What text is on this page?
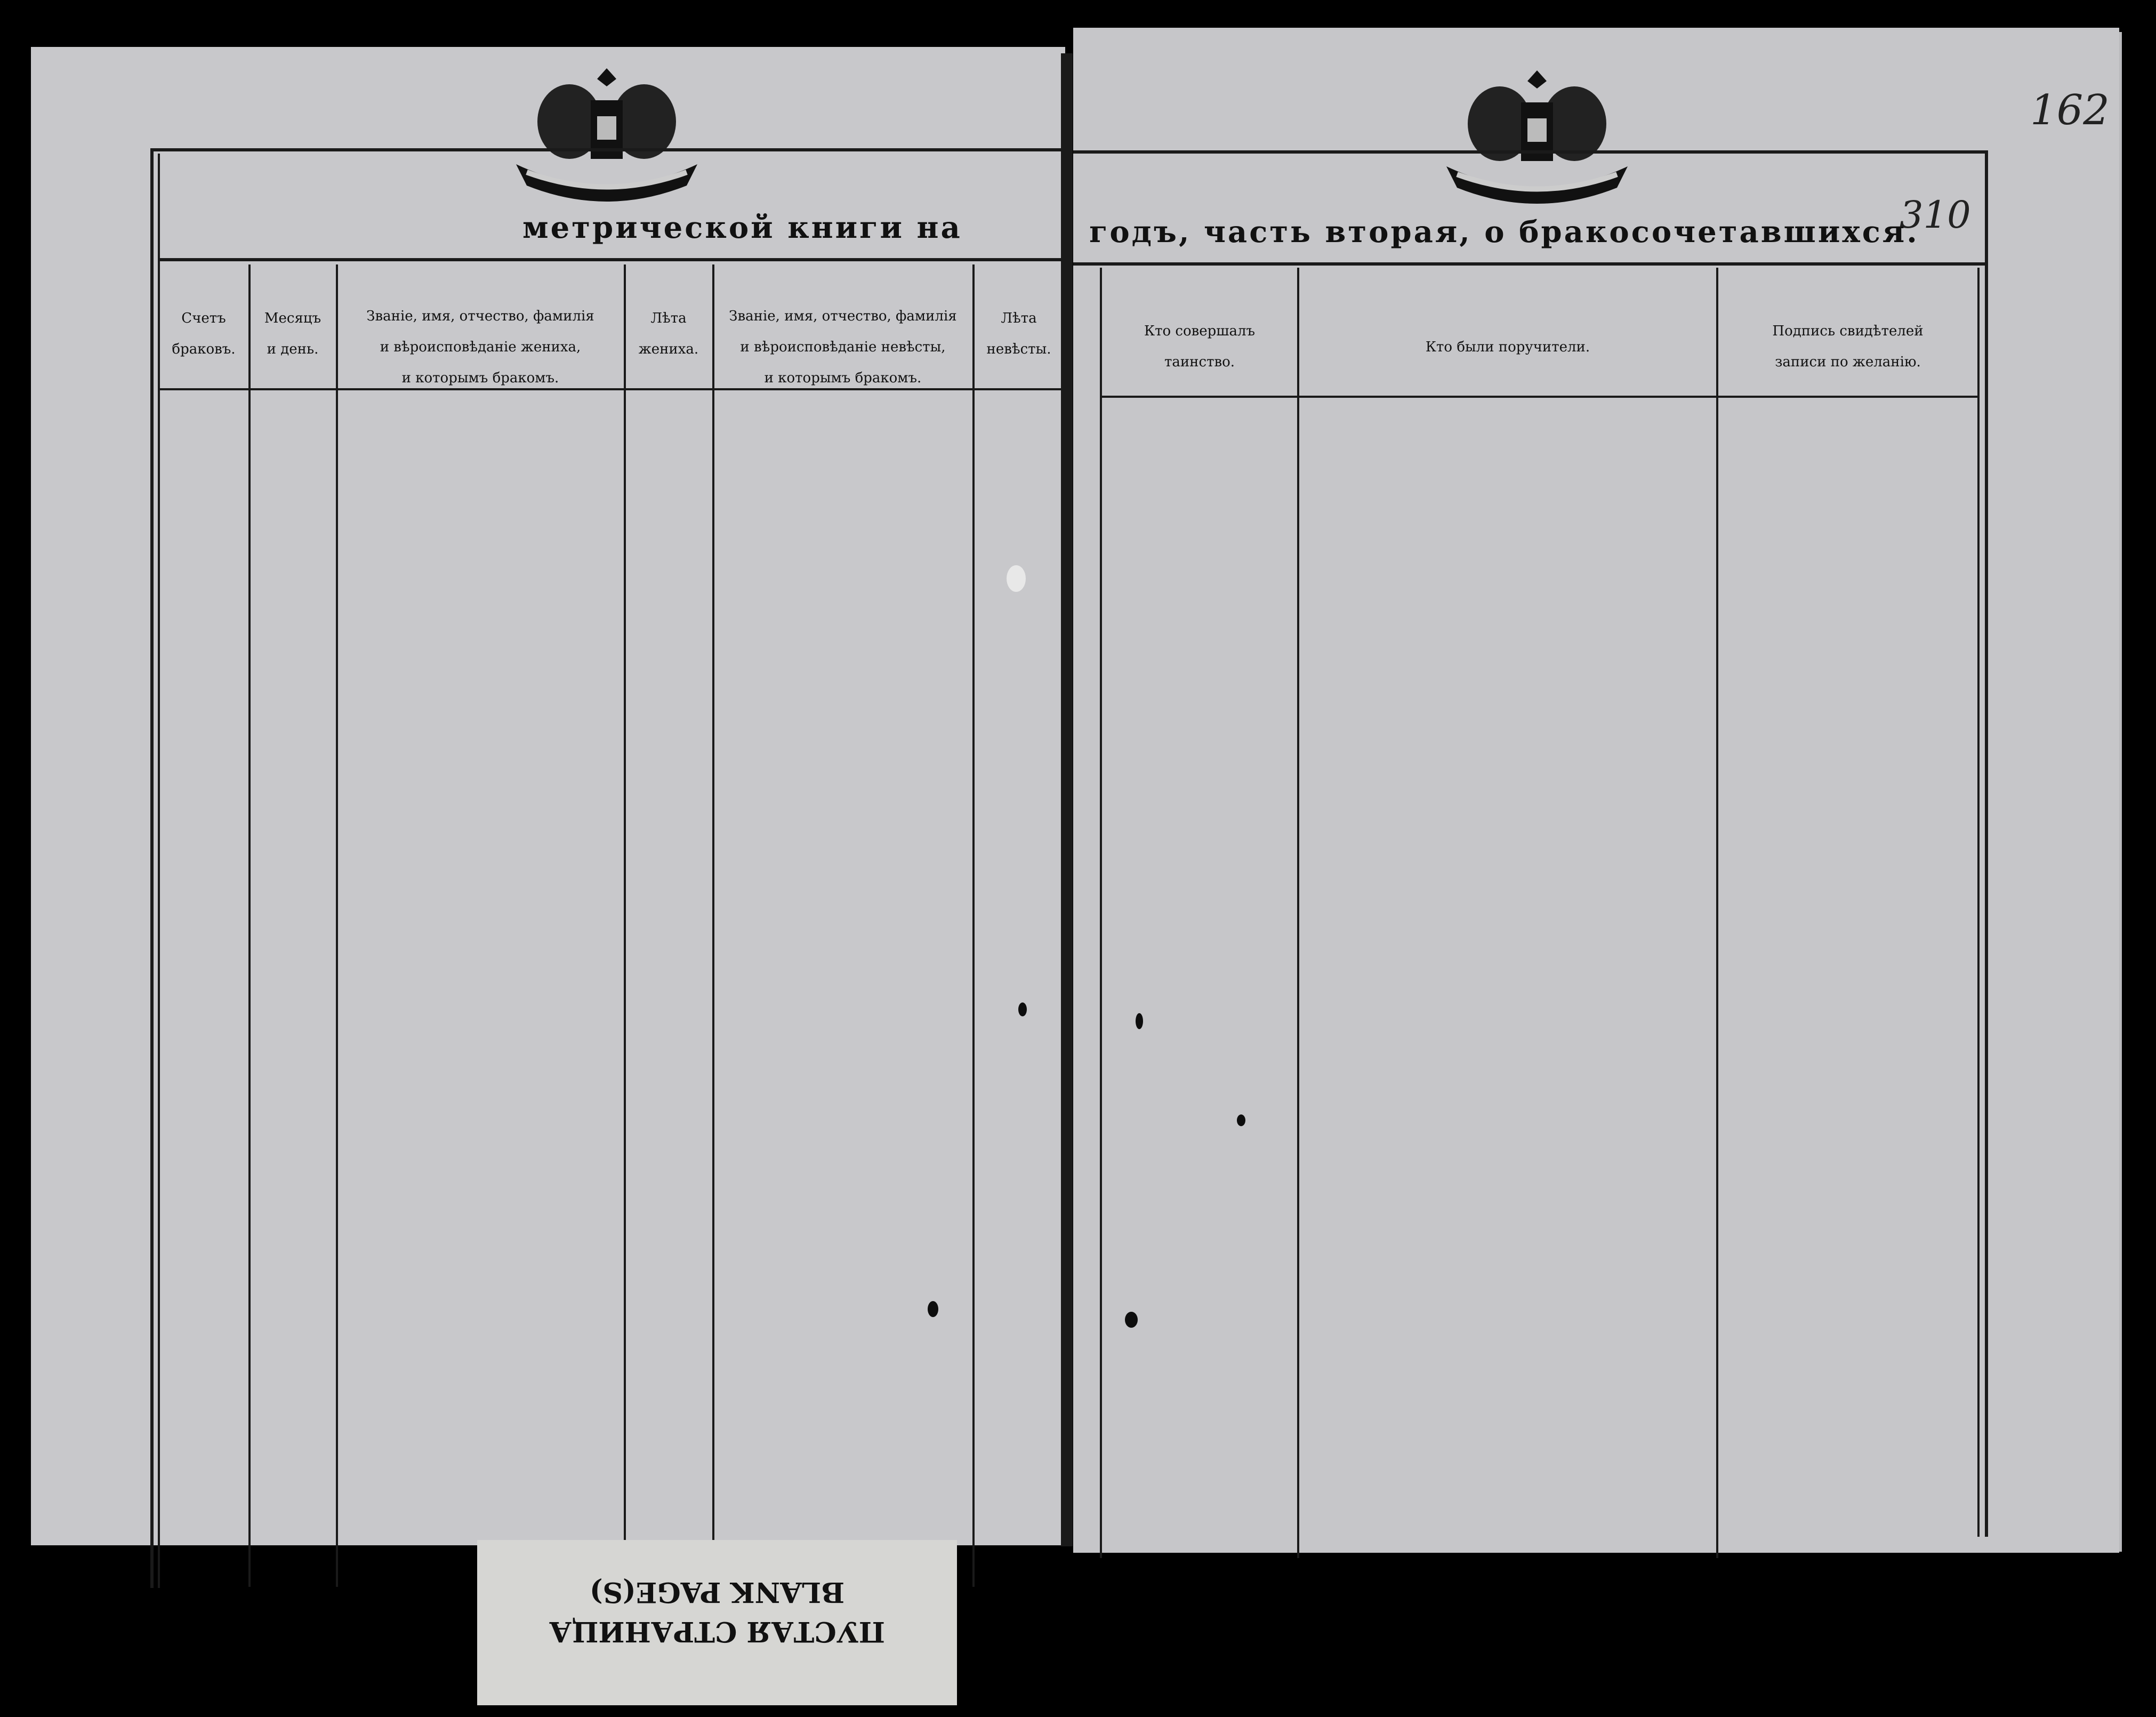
метрической книги на
Счетъ
браковъ.
Месяцъ
и день.
Званіе, имя, отчество, фамилія
и вѣроисповѣданіе жениха,
и которымъ бракомъ.
Лѣта
жениха.
Званіе, имя, отчество, фамилія
и вѣроисповѣданіе невѣсты,
и которымъ бракомъ.
Лѣта
невѣсты.
162
310
годъ, часть вторая, о бракосочетавшихся.
Кто совершалъ
таинство.
Кто были поручители.
Подпись свидѣтелей
записи по желанію.
ПУСТАЯ СТРАНИЦА
BLANK PAGE(S)
